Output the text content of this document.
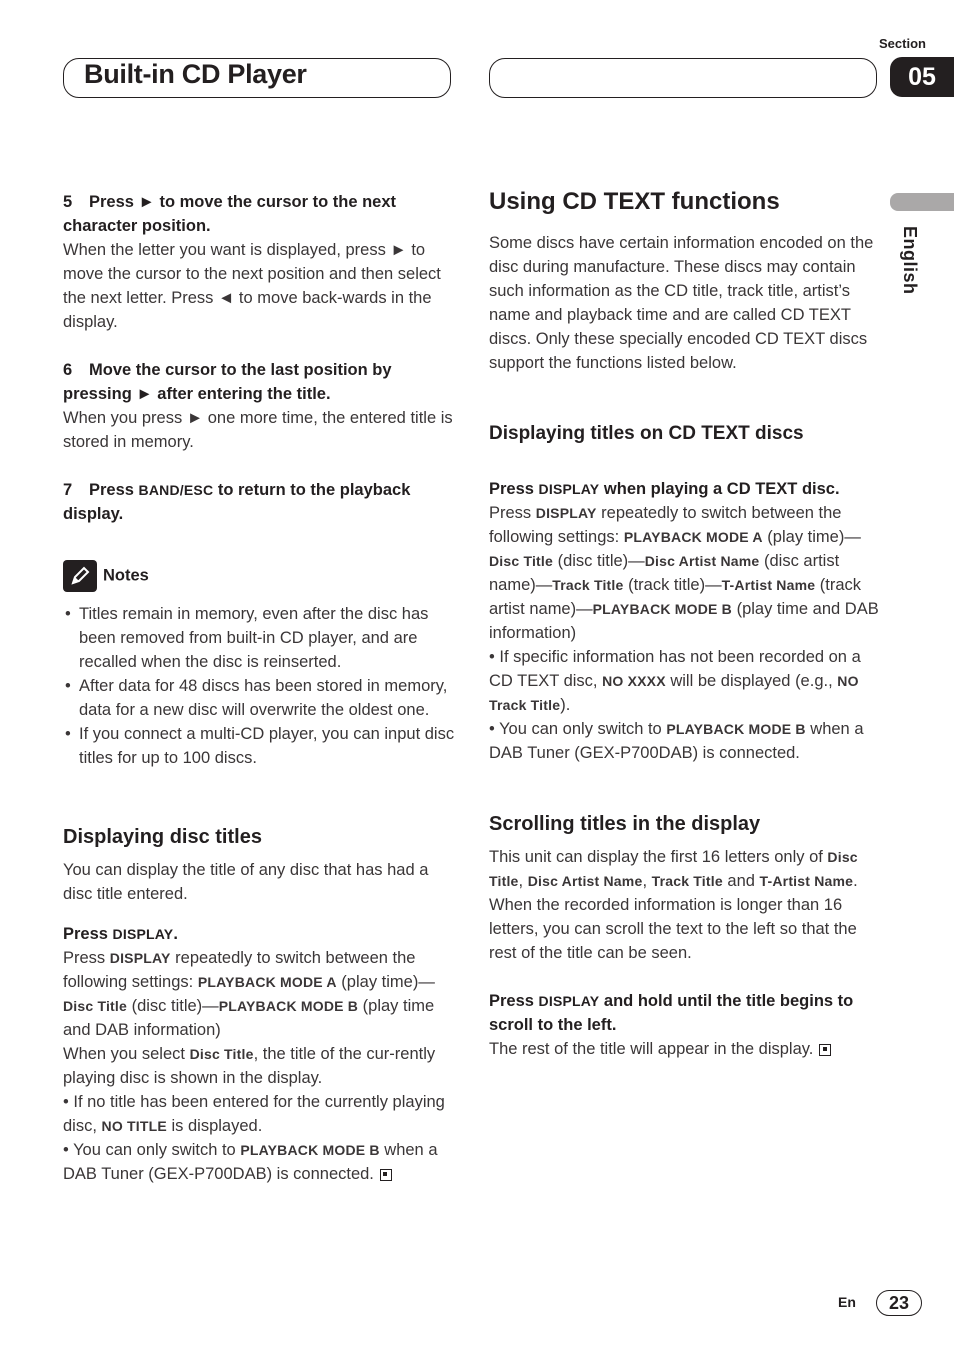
Built-in CD Player
Section
05
English

5 Press ► to move the cursor to the next character position.

When the letter you want is displayed, press ► to move the cursor to the next position and then select the next letter. Press ◄ to move back-wards in the display.

6 Move the cursor to the last position by pressing ► after entering the title.

When you press ► one more time, the entered title is stored in memory.

7 Press BAND/ESC to return to the playback display.

Notes

• Titles remain in memory, even after the disc has been removed from built-in CD player, and are recalled when the disc is reinserted.
• After data for 48 discs has been stored in memory, data for a new disc will overwrite the oldest one.
• If you connect a multi-CD player, you can input disc titles for up to 100 discs.

Displaying disc titles

You can display the title of any disc that has had a disc title entered.

Press DISPLAY.

Press DISPLAY repeatedly to switch between the following settings: PLAYBACK MODE A (play time)—Disc Title (disc title)—PLAYBACK MODE B (play time and DAB information)

When you select Disc Title, the title of the cur-rently playing disc is shown in the display.

• If no title has been entered for the currently playing disc, NO TITLE is displayed.

• You can only switch to PLAYBACK MODE B when a DAB Tuner (GEX-P700DAB) is connected.

Using CD TEXT functions

Some discs have certain information encoded on the disc during manufacture. These discs may contain such information as the CD title, track title, artist’s name and playback time and are called CD TEXT discs. Only these specially encoded CD TEXT discs support the functions listed below.

Displaying titles on CD TEXT discs

Press DISPLAY when playing a CD TEXT disc.

Press DISPLAY repeatedly to switch between the following settings: PLAYBACK MODE A (play time)—Disc Title (disc title)—Disc Artist Name (disc artist name)—Track Title (track title)—T-Artist Name (track artist name)—PLAYBACK MODE B (play time and DAB information)

• If specific information has not been recorded on a CD TEXT disc, NO XXXX will be displayed (e.g., NO Track Title).

• You can only switch to PLAYBACK MODE B when a DAB Tuner (GEX-P700DAB) is connected.

Scrolling titles in the display

This unit can display the first 16 letters only of Disc Title, Disc Artist Name, Track Title and T-Artist Name. When the recorded information is longer than 16 letters, you can scroll the text to the left so that the rest of the title can be seen.

Press DISPLAY and hold until the title begins to scroll to the left.

The rest of the title will appear in the display.

En	23
